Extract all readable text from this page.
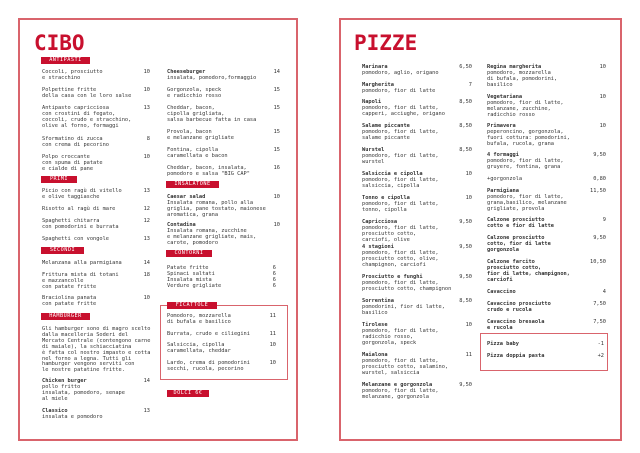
CIBO
ANTIPASTI
Coccoli, prosciutto
e stracchino
10
Polpettine fritte
della casa con le loro salse
10
Antipasto capricciosa
con crostini di fegato,
coccoli, crudo e stracchino,
olive al forno, formaggi
13
Sformatino di zucca
con crema di pecorino
8
Polpo croccante
con spuma di patate
e cialde di pane
10
PRIMI
Picio con ragù di vitello
e olive taggiasche
13
Risotto al ragù di mare	12
Spaghetti chitarra
con pomodorini e burrata
12
Spaghetti con vongole	13
SECONDI
Melanzana alla parmigiana	14
Frittura mista di totani
e mazzancolle
con patate fritte
18
Braciolina panata
con patate fritte
10
HAMBURGER
Gli hamburger sono di magro scelto
dalla macelleria Soderi del
Mercato Centrale (contengono carne
di maiale), la schiacciatina
è fatta col nostro impasto e cotta
nel forno a legna. Tutti gli
hamburger vengono serviti con
le nostre patatine fritte.
Chicken burger
pollo fritto
insalata, pomodoro, senape
al miele
14
Classico
insalata e pomodoro
13
Cheeseburger
insalata, pomodoro,formaggio
14
Gorgonzola, speck
e radicchio rosso
15
Cheddar, bacon,
cipolla grigliata,
salsa barbecue fatta in casa
15
Provola, bacon
e melanzane grigliate
15
Fontina, cipolla
caramellata e bacon
15
Cheddar, bacon, insalata,
pomodoro e salsa "BIG CAP"
16
INSALATONE
Caesar salad
Insalata romana, pollo alla
griglia, pane tostato, maionese
aromatica, grana
10
Contadina
Insalata romana, zucchine
e melanzane grigliate, mais,
carote, pomodoro
10
CONTORNI
Patate fritte	6
Spinaci saltati	6
Insalata mista	6
Verdure grigliate	6
FICATTOLE
Pomodoro, mozzarella
di bufala e basilico
11
Burrata, crudo e ciliegini	11
Salsiccia, cipolla
caramellata, cheddar
10
Lardo, crema di pomodorini
secchi, rucola, pecorino
10
DOLCI 6€
PIZZE
Marinara
pomodoro, aglio, origano
6,50
Margherita
pomodoro, fior di latte
7
Napoli
pomodoro, fior di latte,
capperi, acciughe, origano
8,50
Salame piccante
pomodoro, fior di latte,
salame piccante
8,50
Wurstel
pomodoro, fior di latte,
wurstel
8,50
Salsiccia e cipolla
pomodoro, fior di latte,
salsiccia, cipolla
10
Tonno e cipolla
pomodoro, fior di latte,
tonno, cipolla
10
Capricciosa
pomodoro, fior di latte,
prosciutto cotto,
carciofi, olive
9,50
4 stagioni
pomodoro, fior di latte,
prosciutto cotto, olive,
champignon, carciofi
9,50
Prosciutto e funghi
pomodoro, fior di latte,
prosciutto cotto, champignon
9,50
Sorrentina
pomodorini, fior di latte,
basilico
8,50
Tirolese
pomodoro, fior di latte,
radicchio rosso,
gorgonzola, speck
10
Maialona
pomodoro, fior di latte,
prosciutto cotto, salamino,
wurstel, salsiccia
11
Melanzane e gorgonzola
pomodoro, fior di latte,
melanzane, gorgonzola
9,50
Regina margherita
pomodoro, mozzarella
di bufala, pomodorini,
basilico
10
Vegetariana
pomodoro, fior di latte,
melanzane, zucchine,
radicchio rosso
10
Primavera
peperoncino, gorgonzola,
fuori cottura: pomodorini,
bufala, rucola, grana
10
4 formaggi
pomodoro, fior di latte,
gruyere, fontina, grana
9,50
+gorgonzola	0,80
Parmigiana
pomodoro, fior di latte,
grana,basilico, melanzane
grigliate, provola
11,50
Calzone prosciutto
cotto e fior di latte
9
Calzone prosciutto
cotto, fior di latte
gorgonzola
9,50
Calzone farcito
prosciutto cotto,
fior di latte, champignon,
carciofi
10,50
Cavaccino	4
Cavaccino prosciutto
crudo e rucola
7,50
Cavaccino bresaola
e rucola
7,50
Pizza baby	-1
Pizza doppia pasta	+2
